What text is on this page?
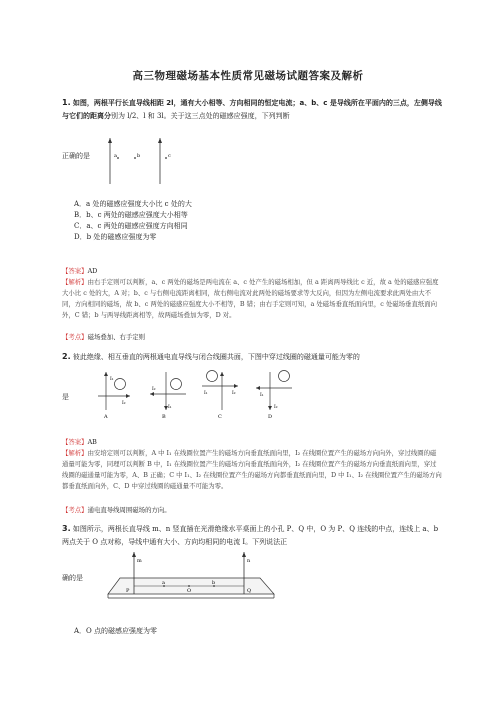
高三物理磁场基本性质常见磁场试题答案及解析
1. 如图，两根平行长直导线相距 2l，通有大小相等、方向相同的恒定电流；a、b、c 是导线所在平面内的三点，左侧导线与它们的距离分别为 l/2、l 和 3l。关于这三点处的磁感应强度，下列判断
正确的是	a	b	c
A．a 处的磁感应强度大小比 c 处的大
B．b、c 两处的磁感应强度大小相等
C．a、c 两处的磁感应强度方向相同
D．b 处的磁感应强度为零
【答案】AD
【解析】由右手定则可以判断，a、c 两处的磁场是两电流在 a、c 处产生的磁场相加，但 a 距离两导线比 c 近，故 a 处的磁感应强度大小比 c 处的大，A 对；b、c 与右侧电流距离相同，故右侧电流对此两处的磁场要求等大反向，但因为左侧电流要求此两处由大不同，方向相同的磁场，故 b、c 两处的磁感应强度大小不相等，B 错；由右手定则可知，a 处磁场垂直纸面向里，c 处磁场垂直纸面向外，C 错；b 与两导线距离相等，故两磁场叠加为零，D 对。
【考点】磁场叠加、右手定则
2. 彼此绝缘、相互垂直的两根通电直导线与闭合线圈共面，下图中穿过线圈的磁通量可能为零的
是
I₁
I₂
A
I₁
I₂
B
I₁	I₂
C
I₁
I₂
D
【答案】AB
【解析】由安培定则可以判断，A 中 I₁ 在线圈位置产生的磁场方向垂直纸面向里，I₂ 在线圈位置产生的磁场方向向外，穿过线圈的磁通量可能为零，同理可以判断 B 中，I₁ 在线圈位置产生的磁场方向垂直纸面向外，I₂ 在线圈位置产生的磁场方向垂直纸面向里，穿过线圈的磁通量可能为零，A、B 正确；C 中 I₁、I₂ 在线圈位置产生的磁场方向都垂直纸面向里，D 中 I₁、I₂ 在线圈位置产生的磁场方向都垂直纸面向外，C、D 中穿过线圈的磁通量不可能为零。
【考点】通电直导线周围磁场的方向。
3. 如图所示，两根长直导线 m、n 竖直插在光滑绝缘水平桌面上的小孔 P、Q 中，O 为 P、Q 连线的中点，连线上 a、b 两点关于 O 点对称，导线中通有大小、方向均相同的电流 I。下列说法正
确的是
m	n
P	Q
a
O
b
A．O 点的磁感应强度为零
